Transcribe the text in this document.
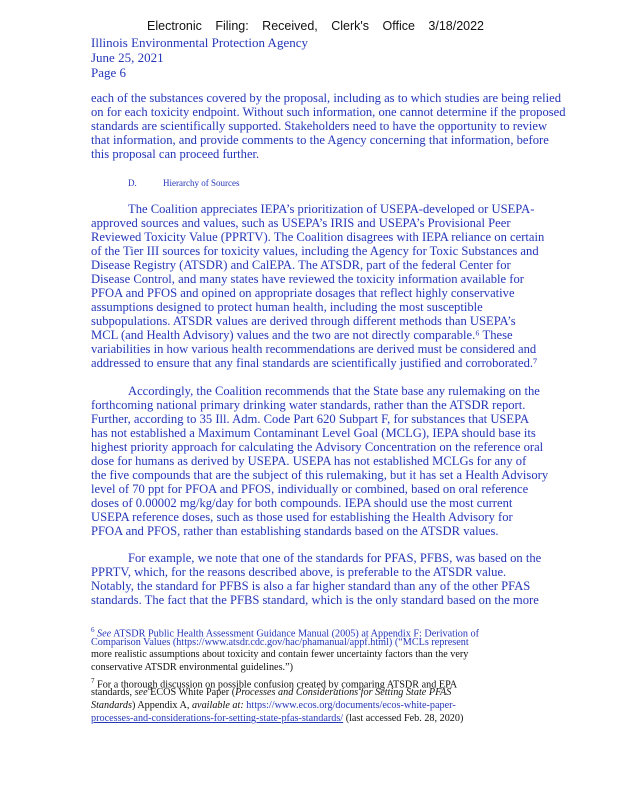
Electronic Filing: Received, Clerk's Office 3/18/2022
Illinois Environmental Protection Agency
June 25, 2021
Page 6
each of the substances covered by the proposal, including as to which studies are being relied
on for each toxicity endpoint. Without such information, one cannot determine if the proposed
standards are scientifically supported. Stakeholders need to have the opportunity to review
that information, and provide comments to the Agency concerning that information, before
this proposal can proceed further.
D.	Hierarchy of Sources
The Coalition appreciates IEPA’s prioritization of USEPA-developed or USEPA-
approved sources and values, such as USEPA’s IRIS and USEPA’s Provisional Peer
Reviewed Toxicity Value (PPRTV). The Coalition disagrees with IEPA reliance on certain
of the Tier III sources for toxicity values, including the Agency for Toxic Substances and
Disease Registry (ATSDR) and CalEPA. The ATSDR, part of the federal Center for
Disease Control, and many states have reviewed the toxicity information available for
PFOA and PFOS and opined on appropriate dosages that reflect highly conservative
assumptions designed to protect human health, including the most susceptible
subpopulations. ATSDR values are derived through different methods than USEPA’s
MCL (and Health Advisory) values and the two are not directly comparable.⁶ These
variabilities in how various health recommendations are derived must be considered and
addressed to ensure that any final standards are scientifically justified and corroborated.⁷
Accordingly, the Coalition recommends that the State base any rulemaking on the
forthcoming national primary drinking water standards, rather than the ATSDR report.
Further, according to 35 Ill. Adm. Code Part 620 Subpart F, for substances that USEPA
has not established a Maximum Contaminant Level Goal (MCLG), IEPA should base its
highest priority approach for calculating the Advisory Concentration on the reference oral
dose for humans as derived by USEPA. USEPA has not established MCLGs for any of
the five compounds that are the subject of this rulemaking, but it has set a Health Advisory
level of 70 ppt for PFOA and PFOS, individually or combined, based on oral reference
doses of 0.00002 mg/kg/day for both compounds. IEPA should use the most current
USEPA reference doses, such as those used for establishing the Health Advisory for
PFOA and PFOS, rather than establishing standards based on the ATSDR values.
For example, we note that one of the standards for PFAS, PFBS, was based on the
PPRTV, which, for the reasons described above, is preferable to the ATSDR value.
Notably, the standard for PFBS is also a far higher standard than any of the other PFAS
standards. The fact that the PFBS standard, which is the only standard based on the more
$^6$ See ATSDR Public Health Assessment Guidance Manual (2005) at Appendix F: Derivation of
Comparison Values (https://www.atsdr.cdc.gov/hac/phamanual/appf.html) (“MCLs represent
more realistic assumptions about toxicity and contain fewer uncertainty factors than the very
conservative ATSDR environmental guidelines.”)
$^7$ For a thorough discussion on possible confusion created by comparing ATSDR and EPA
standards, see ECOS White Paper (Processes and Considerations for Setting State PFAS
Standards) Appendix A, available at: https://www.ecos.org/documents/ecos-white-paper-
processes-and-considerations-for-setting-state-pfas-standards/ (last accessed Feb. 28, 2020)
